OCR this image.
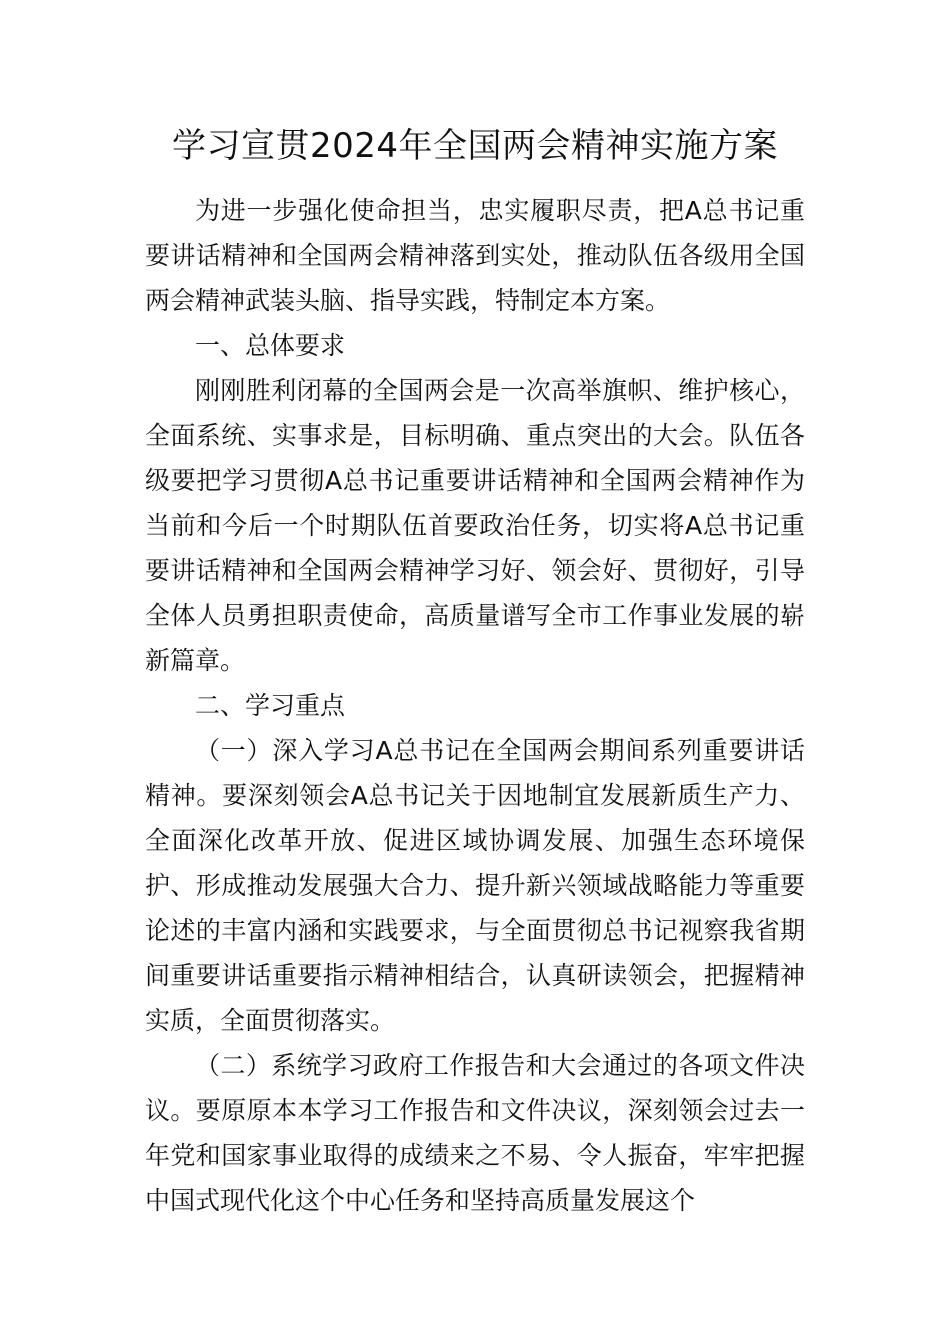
学习宣贯2024年全国两会精神实施方案

为进一步强化使命担当，忠实履职尽责，把A总书记重要讲话精神和全国两会精神落到实处，推动队伍各级用全国两会精神武装头脑、指导实践，特制定本方案。

一、总体要求

刚刚胜利闭幕的全国两会是一次高举旗帜、维护核心，全面系统、实事求是，目标明确、重点突出的大会。队伍各级要把学习贯彻A总书记重要讲话精神和全国两会精神作为当前和今后一个时期队伍首要政治任务，切实将A总书记重要讲话精神和全国两会精神学习好、领会好、贯彻好，引导全体人员勇担职责使命，高质量谱写全市工作事业发展的崭新篇章。

二、学习重点

（一）深入学习A总书记在全国两会期间系列重要讲话精神。要深刻领会A总书记关于因地制宜发展新质生产力、全面深化改革开放、促进区域协调发展、加强生态环境保护、形成推动发展强大合力、提升新兴领域战略能力等重要论述的丰富内涵和实践要求，与全面贯彻总书记视察我省期间重要讲话重要指示精神相结合，认真研读领会，把握精神实质，全面贯彻落实。

（二）系统学习政府工作报告和大会通过的各项文件决议。要原原本本学习工作报告和文件决议，深刻领会过去一年党和国家事业取得的成绩来之不易、令人振奋，牢牢把握中国式现代化这个中心任务和坚持高质量发展这个
